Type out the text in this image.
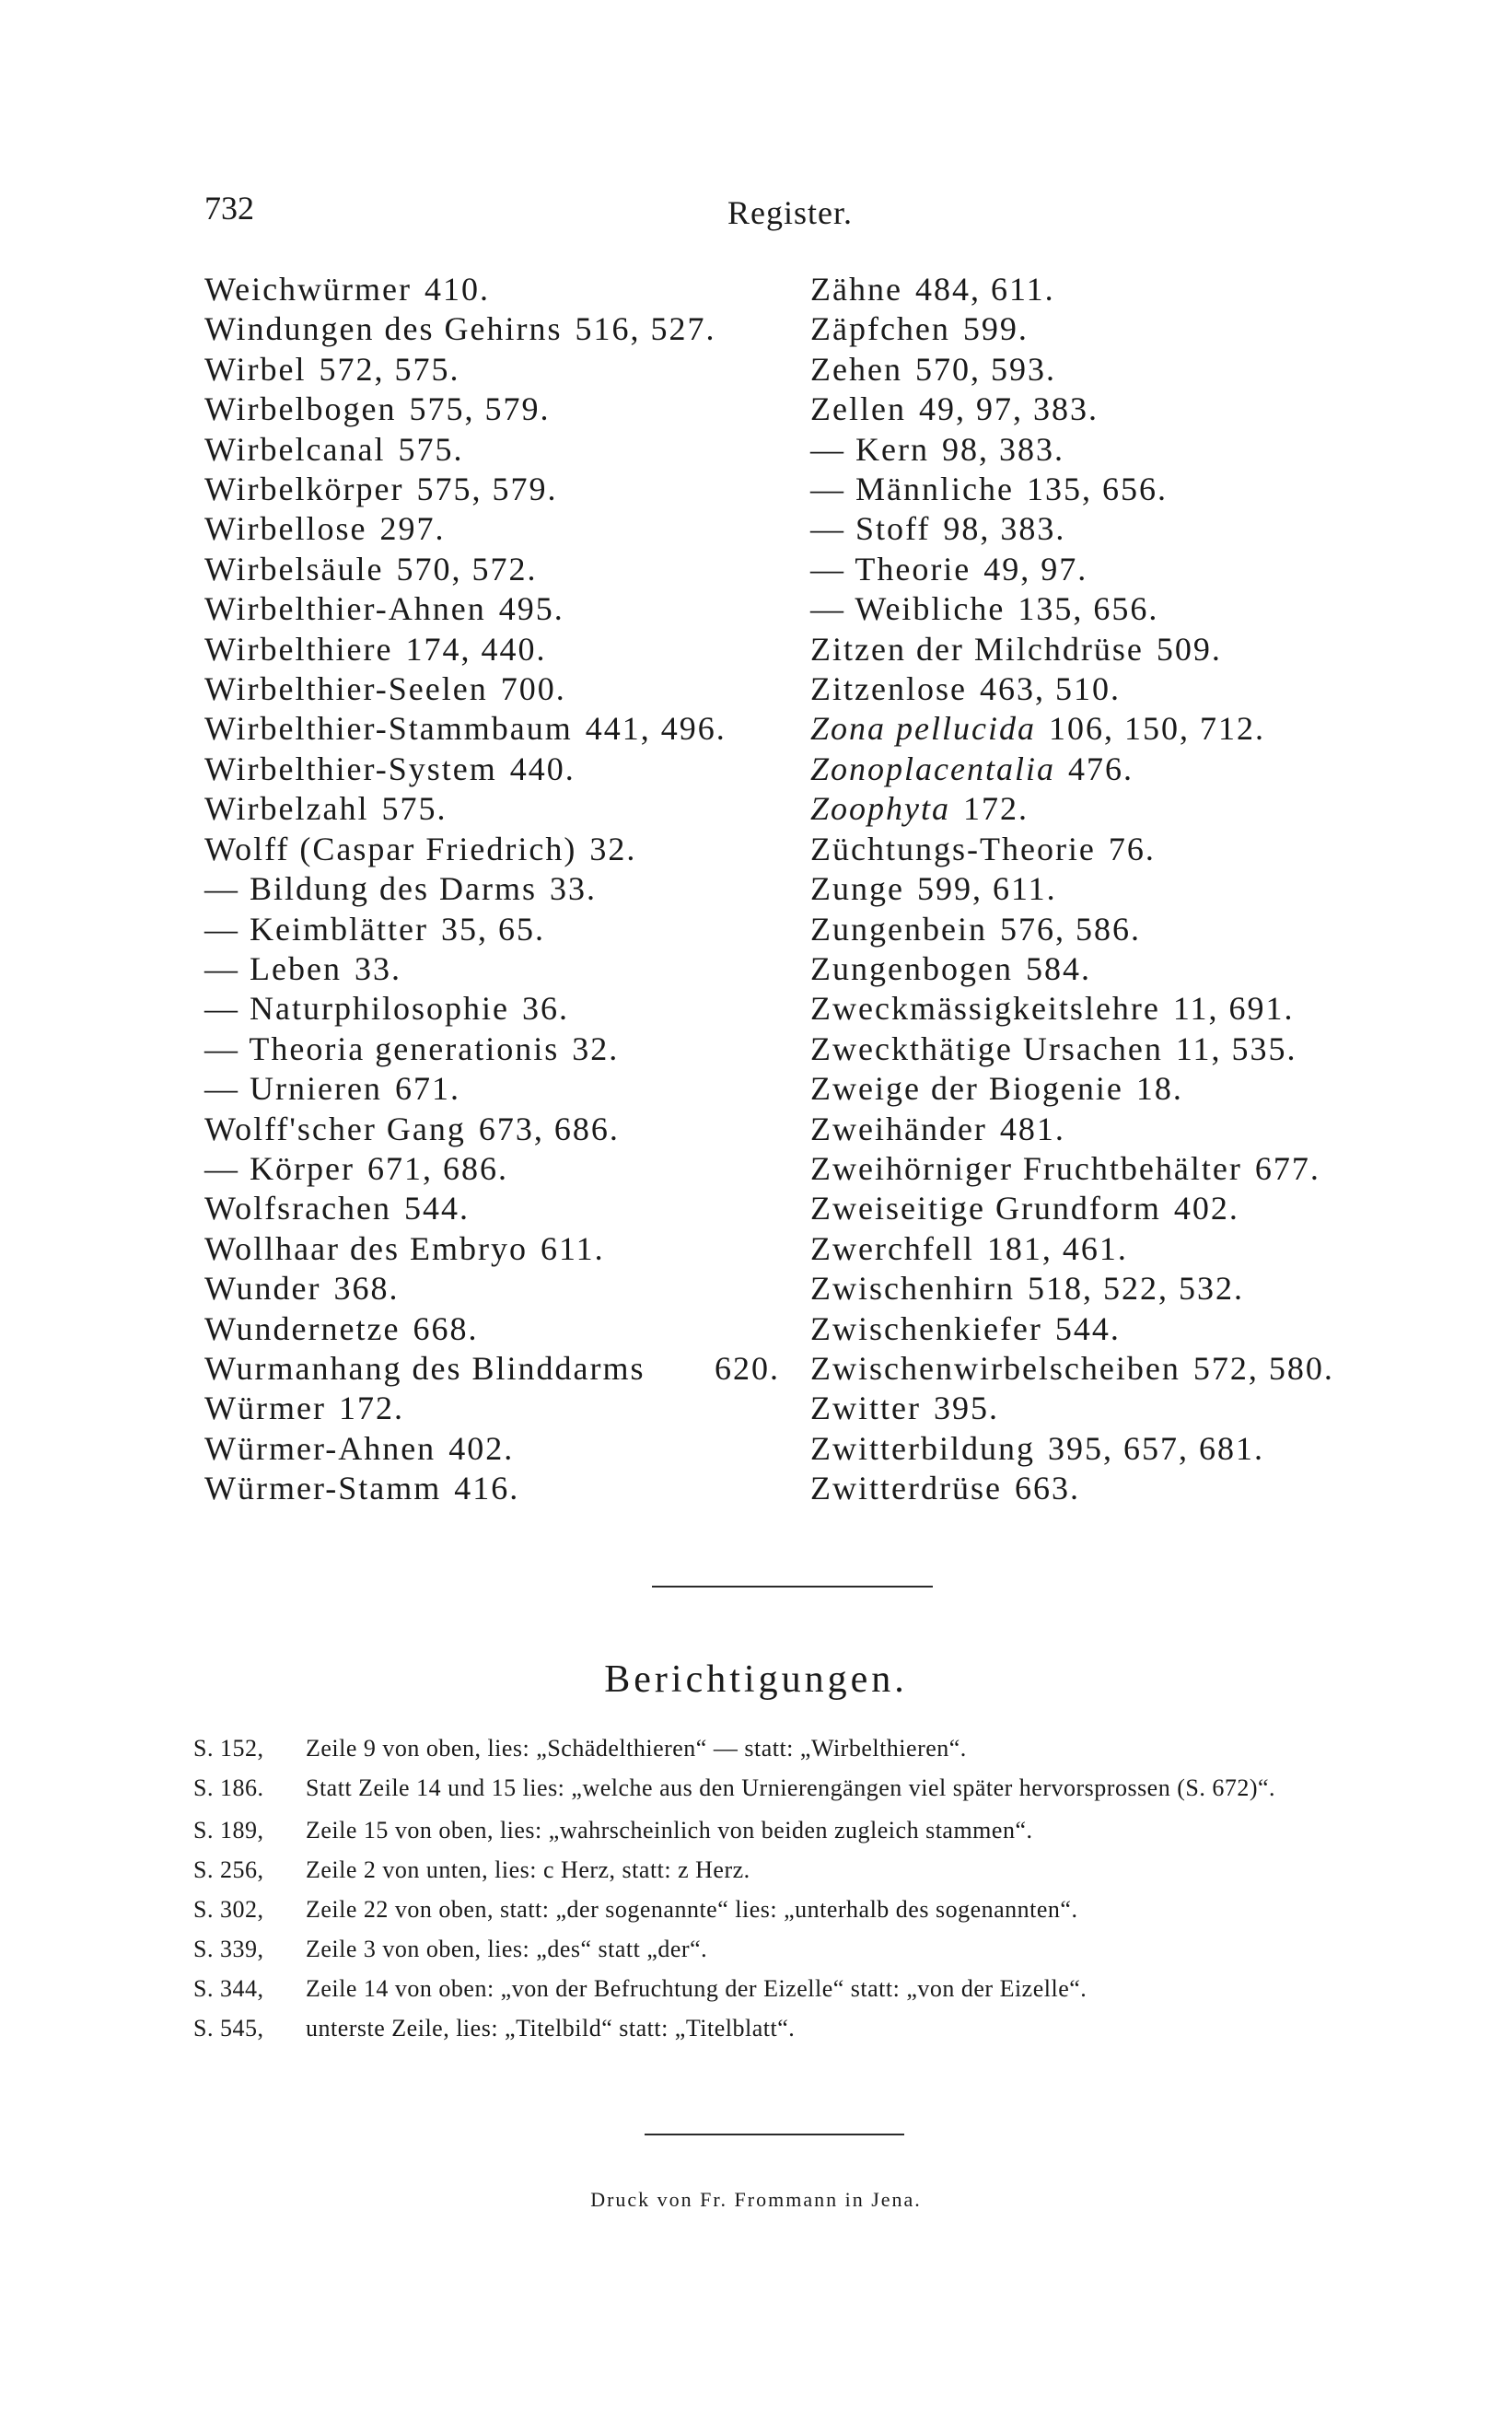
732	Register.
Weichwürmer 410.
Windungen des Gehirns 516, 527.
Wirbel 572, 575.
Wirbelbogen 575, 579.
Wirbelcanal 575.
Wirbelkörper 575, 579.
Wirbellose 297.
Wirbelsäule 570, 572.
Wirbelthier-Ahnen 495.
Wirbelthiere 174, 440.
Wirbelthier-Seelen 700.
Wirbelthier-Stammbaum 441, 496.
Wirbelthier-System 440.
Wirbelzahl 575.
Wolff (Caspar Friedrich) 32.
— Bildung des Darms 33.
— Keimblätter 35, 65.
— Leben 33.
— Naturphilosophie 36.
— Theoria generationis 32.
— Urnieren 671.
Wolff'scher Gang 673, 686.
— Körper 671, 686.
Wolfsrachen 544.
Wollhaar des Embryo 611.
Wunder 368.
Wundernetze 668.
Wurmanhang des Blinddarms 620.
Würmer 172.
Würmer-Ahnen 402.
Würmer-Stamm 416.
Zähne 484, 611.
Zäpfchen 599.
Zehen 570, 593.
Zellen 49, 97, 383.
— Kern 98, 383.
— Männliche 135, 656.
— Stoff 98, 383.
— Theorie 49, 97.
— Weibliche 135, 656.
Zitzen der Milchdrüse 509.
Zitzenlose 463, 510.
Zona pellucida 106, 150, 712.
Zonoplacentalia 476.
Zoophyta 172.
Züchtungs-Theorie 76.
Zunge 599, 611.
Zungenbein 576, 586.
Zungenbogen 584.
Zweckmässigkeitslehre 11, 691.
Zweckthätige Ursachen 11, 535.
Zweige der Biogenie 18.
Zweihänder 481.
Zweihörniger Fruchtbehälter 677.
Zweiseitige Grundform 402.
Zwerchfell 181, 461.
Zwischenhirn 518, 522, 532.
Zwischenkiefer 544.
Zwischenwirbelscheiben 572, 580.
Zwitter 395.
Zwitterbildung 395, 657, 681.
Zwitterdrüse 663.
Berichtigungen.
S. 152,	Zeile 9 von oben, lies: „Schädelthieren“ — statt: „Wirbelthieren“.
S. 186.	Statt Zeile 14 und 15 lies: „welche aus den Urnierengängen viel später hervorsprossen (S. 672)“.
S. 189,	Zeile 15 von oben, lies: „wahrscheinlich von beiden zugleich stammen“.
S. 256,	Zeile 2 von unten, lies: c Herz, statt: z Herz.
S. 302,	Zeile 22 von oben, statt: „der sogenannte“ lies: „unterhalb des sogenannten“.
S. 339,	Zeile 3 von oben, lies: „des“ statt „der“.
S. 344,	Zeile 14 von oben: „von der Befruchtung der Eizelle“ statt: „von der Eizelle“.
S. 545,	unterste Zeile, lies: „Titelbild“ statt: „Titelblatt“.
Druck von Fr. Frommann in Jena.
